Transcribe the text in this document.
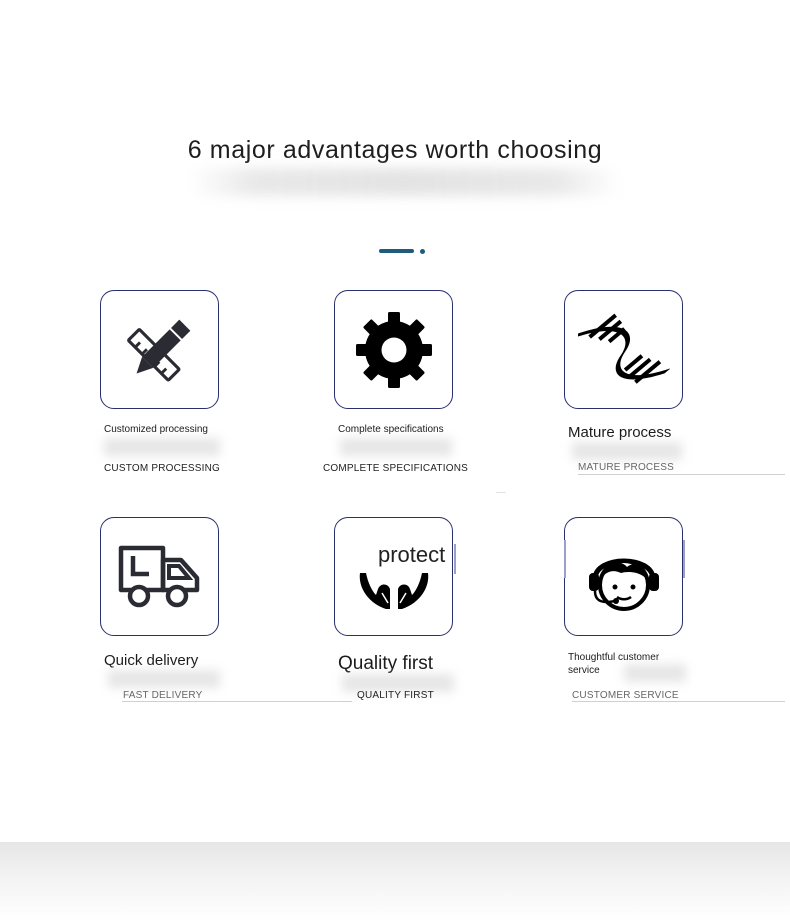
6 major advantages worth choosing
Customized processing
CUSTOM PROCESSING
Complete specifications
COMPLETE SPECIFICATIONS
Mature process
MATURE PROCESS
Quick delivery
FAST DELIVERY
protect
Quality first
QUALITY FIRST
Thoughtful customer service
CUSTOMER SERVICE
